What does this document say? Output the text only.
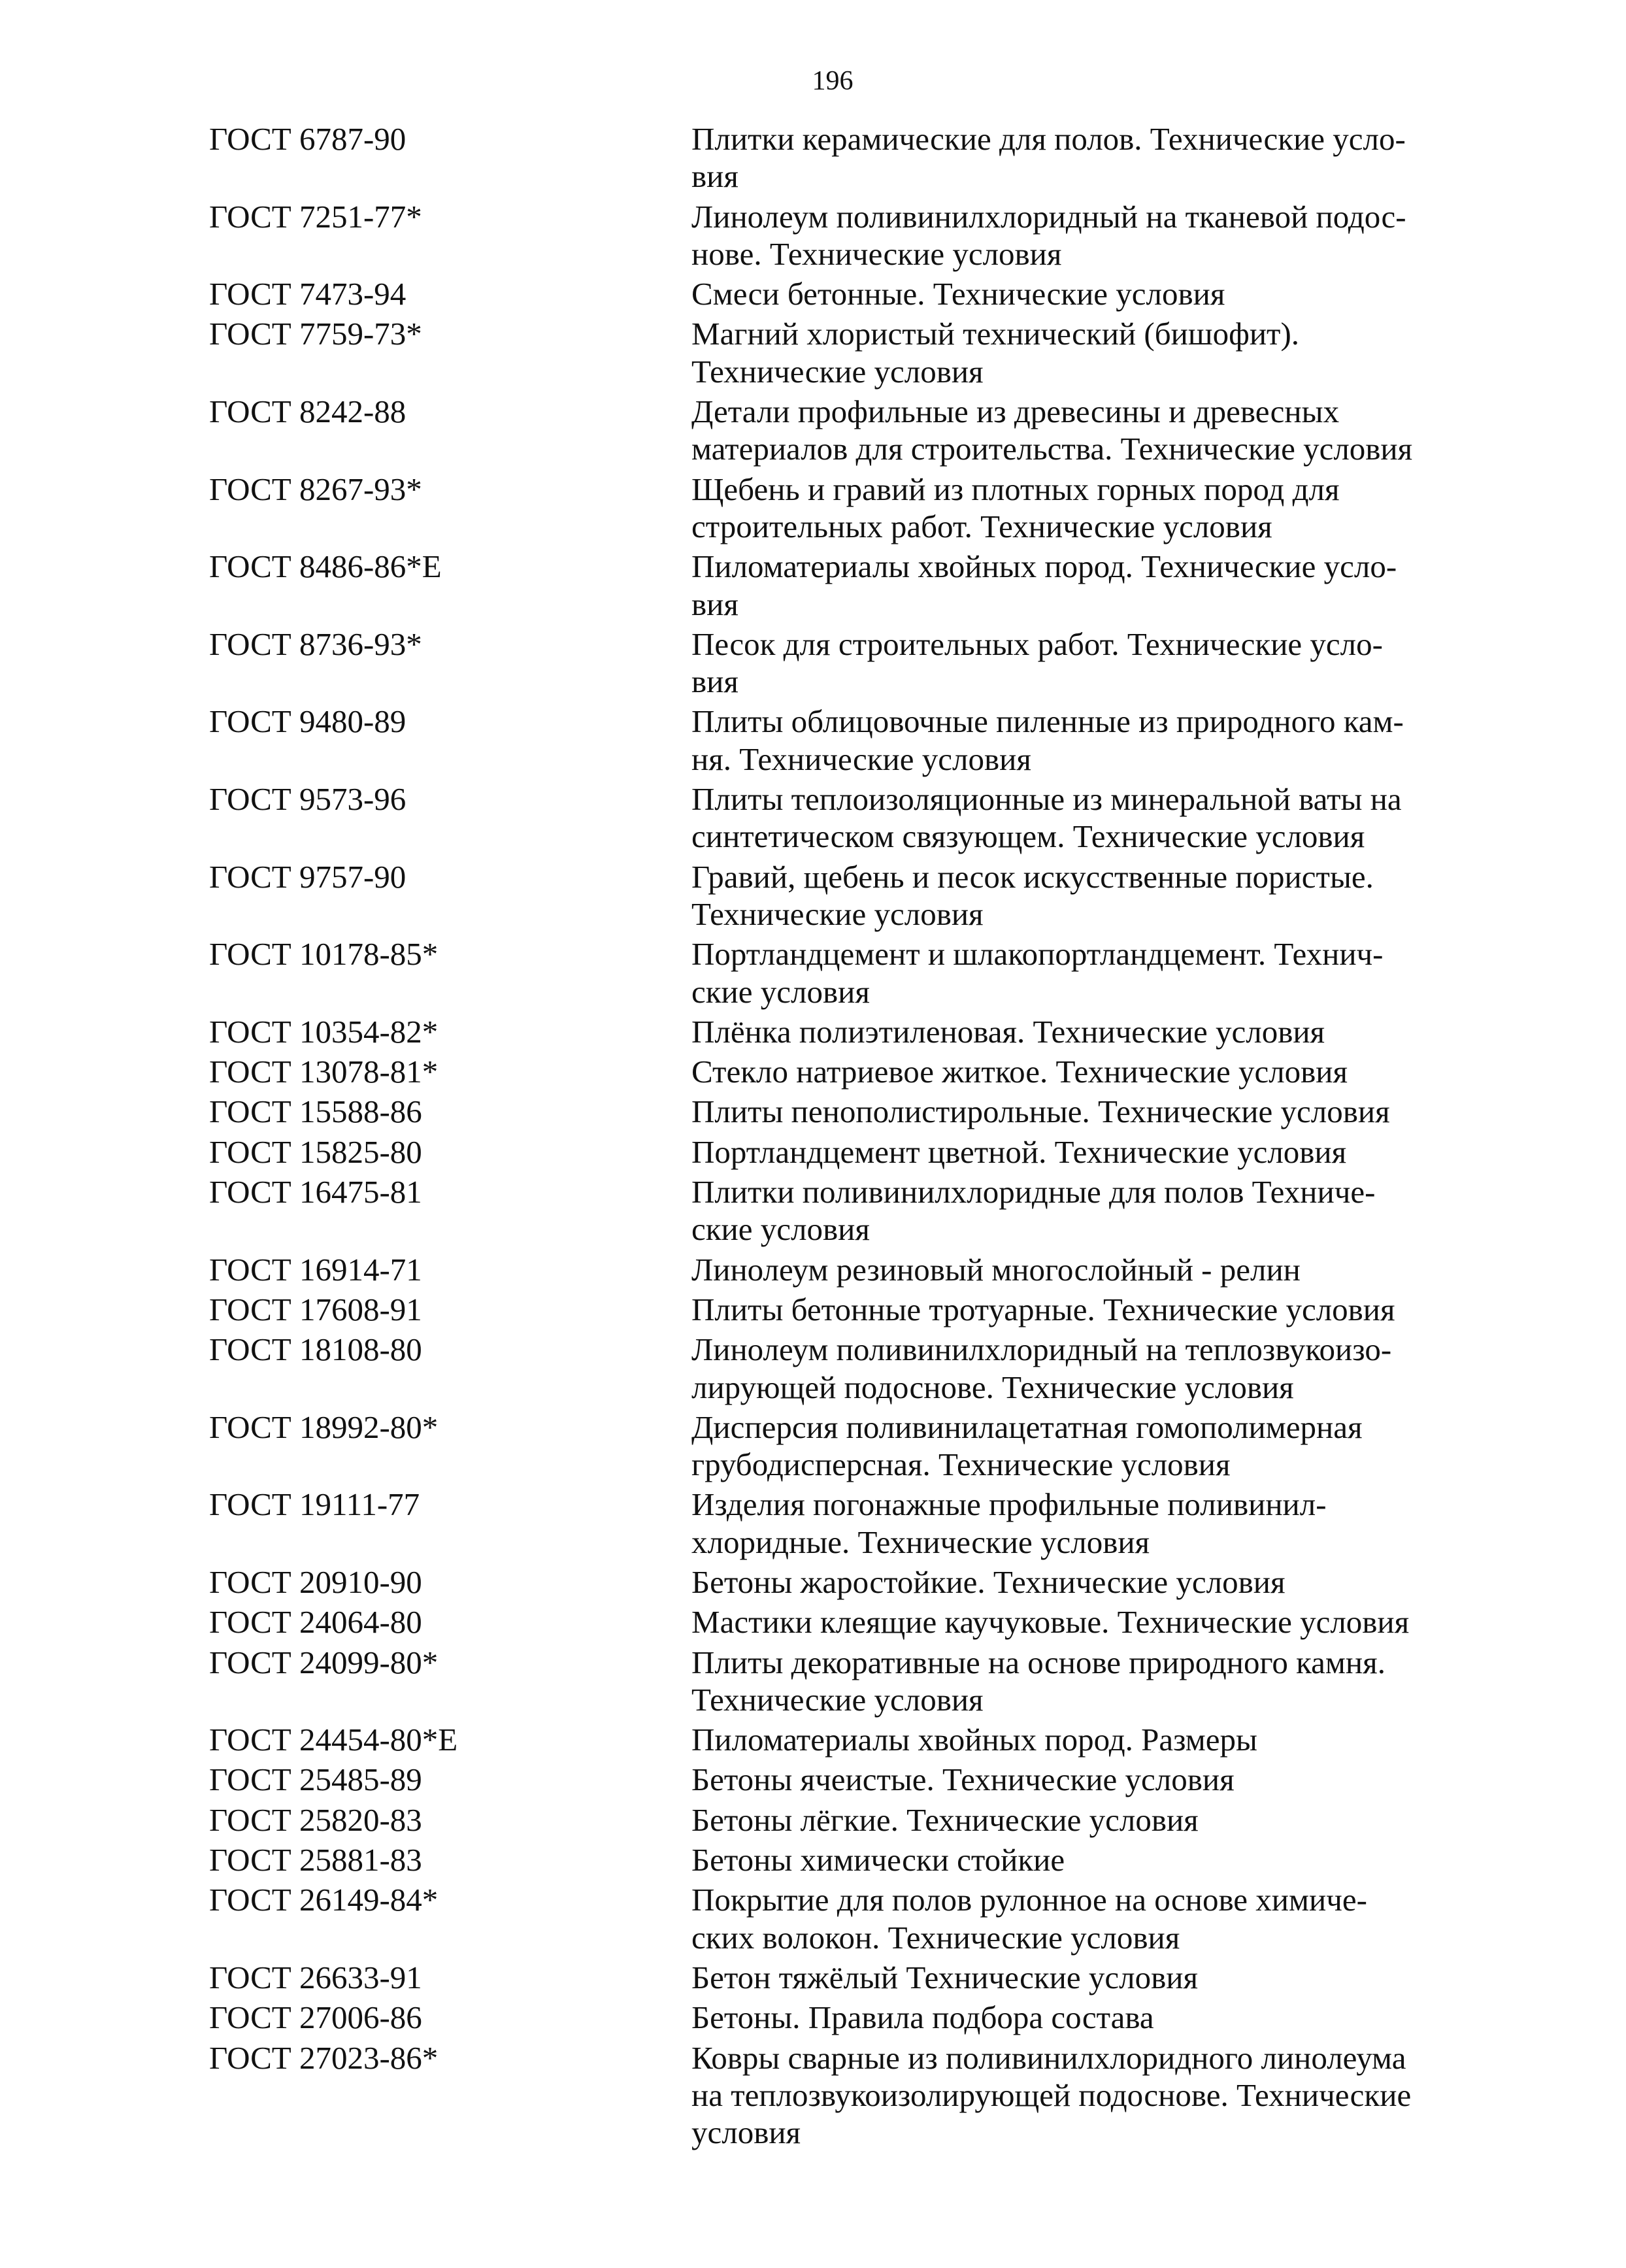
196
ГОСТ 6787-90	Плитки керамические для полов. Технические усло-
вия
ГОСТ 7251-77*	Линолеум поливинилхлоридный на тканевой подос-
нове. Технические условия
ГОСТ 7473-94	Смеси бетонные. Технические условия
ГОСТ 7759-73*	Магний хлористый технический (бишофит).
Технические условия
ГОСТ 8242-88	Детали профильные из древесины и древесных
материалов для строительства. Технические условия
ГОСТ 8267-93*	Щебень и гравий из плотных горных пород для
строительных работ. Технические условия
ГОСТ 8486-86*Е	Пиломатериалы хвойных пород. Технические усло-
вия
ГОСТ 8736-93*	Песок для строительных работ. Технические усло-
вия
ГОСТ 9480-89	Плиты облицовочные пиленные из природного кам-
ня. Технические условия
ГОСТ 9573-96	Плиты теплоизоляционные из минеральной ваты на
синтетическом связующем. Технические условия
ГОСТ 9757-90	Гравий, щебень и песок искусственные пористые.
Технические условия
ГОСТ 10178-85*	Портландцемент и шлакопортландцемент. Технич-
ские условия
ГОСТ 10354-82*	Плёнка полиэтиленовая. Технические условия
ГОСТ 13078-81*	Стекло натриевое житкое. Технические условия
ГОСТ 15588-86	Плиты пенополистирольные. Технические условия
ГОСТ 15825-80	Портландцемент цветной. Технические условия
ГОСТ 16475-81	Плитки поливинилхлоридные для полов Техниче-
ские условия
ГОСТ 16914-71	Линолеум резиновый многослойный - релин
ГОСТ 17608-91	Плиты бетонные тротуарные. Технические условия
ГОСТ 18108-80	Линолеум поливинилхлоридный на теплозвукоизо-
лирующей подоснове. Технические условия
ГОСТ 18992-80*	Дисперсия поливинилацетатная гомополимерная
грубодисперсная. Технические условия
ГОСТ 19111-77	Изделия погонажные профильные поливинил-
хлоридные. Технические условия
ГОСТ 20910-90	Бетоны жаростойкие. Технические условия
ГОСТ 24064-80	Мастики клеящие каучуковые. Технические условия
ГОСТ 24099-80*	Плиты декоративные на основе природного камня.
Технические условия
ГОСТ 24454-80*Е	Пиломатериалы хвойных пород. Размеры
ГОСТ 25485-89	Бетоны ячеистые. Технические условия
ГОСТ 25820-83	Бетоны лёгкие. Технические условия
ГОСТ 25881-83	Бетоны химически стойкие
ГОСТ 26149-84*	Покрытие для полов рулонное на основе химиче-
ских волокон. Технические условия
ГОСТ 26633-91	Бетон тяжёлый Технические условия
ГОСТ 27006-86	Бетоны. Правила подбора состава
ГОСТ 27023-86*	Ковры сварные из поливинилхлоридного линолеума
на теплозвукоизолирующей подоснове. Технические
условия
